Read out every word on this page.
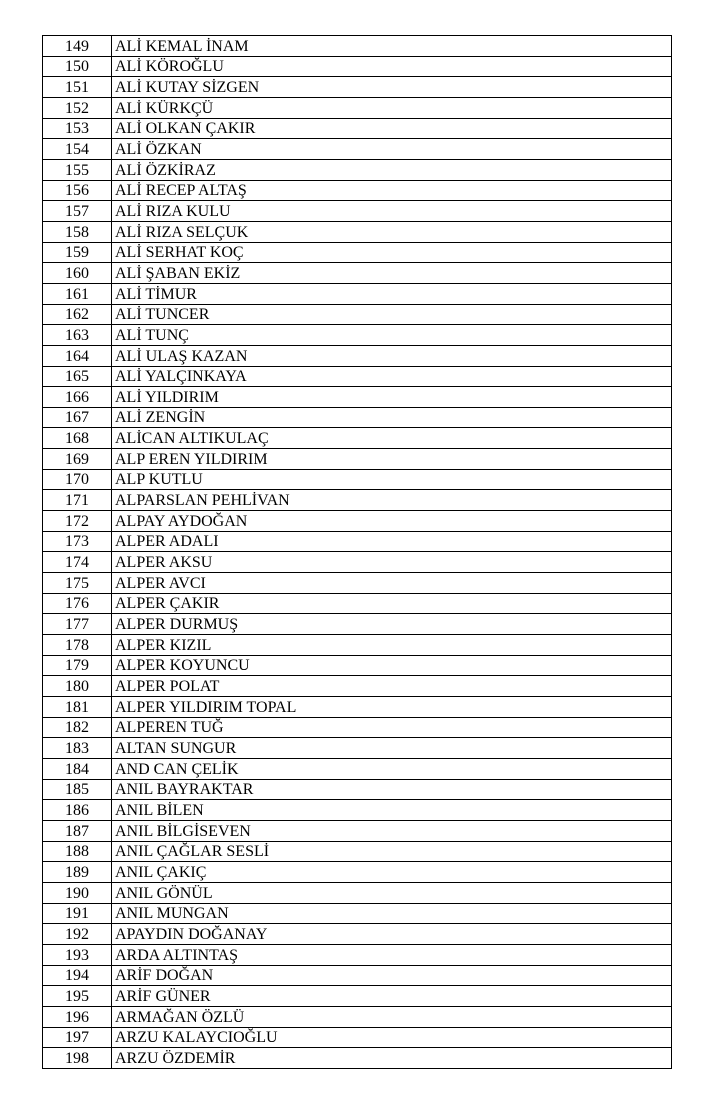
149	ALİ KEMAL İNAM
150	ALİ KÖROĞLU
151	ALİ KUTAY SİZGEN
152	ALİ KÜRKÇÜ
153	ALİ OLKAN ÇAKIR
154	ALİ ÖZKAN
155	ALİ ÖZKİRAZ
156	ALİ RECEP ALTAŞ
157	ALİ RIZA KULU
158	ALİ RIZA SELÇUK
159	ALİ SERHAT KOÇ
160	ALİ ŞABAN EKİZ
161	ALİ TİMUR
162	ALİ TUNCER
163	ALİ TUNÇ
164	ALİ ULAŞ KAZAN
165	ALİ YALÇINKAYA
166	ALİ YILDIRIM
167	ALİ ZENGİN
168	ALİCAN ALTIKULAÇ
169	ALP EREN YILDIRIM
170	ALP KUTLU
171	ALPARSLAN PEHLİVAN
172	ALPAY AYDOĞAN
173	ALPER ADALI
174	ALPER AKSU
175	ALPER AVCI
176	ALPER ÇAKIR
177	ALPER DURMUŞ
178	ALPER KIZIL
179	ALPER KOYUNCU
180	ALPER POLAT
181	ALPER YILDIRIM TOPAL
182	ALPEREN TUĞ
183	ALTAN SUNGUR
184	AND CAN ÇELİK
185	ANIL BAYRAKTAR
186	ANIL BİLEN
187	ANIL BİLGİSEVEN
188	ANIL ÇAĞLAR SESLİ
189	ANIL ÇAKIÇ
190	ANIL GÖNÜL
191	ANIL MUNGAN
192	APAYDIN DOĞANAY
193	ARDA ALTINTAŞ
194	ARİF DOĞAN
195	ARİF GÜNER
196	ARMAĞAN ÖZLÜ
197	ARZU KALAYCIOĞLU
198	ARZU ÖZDEMİR
